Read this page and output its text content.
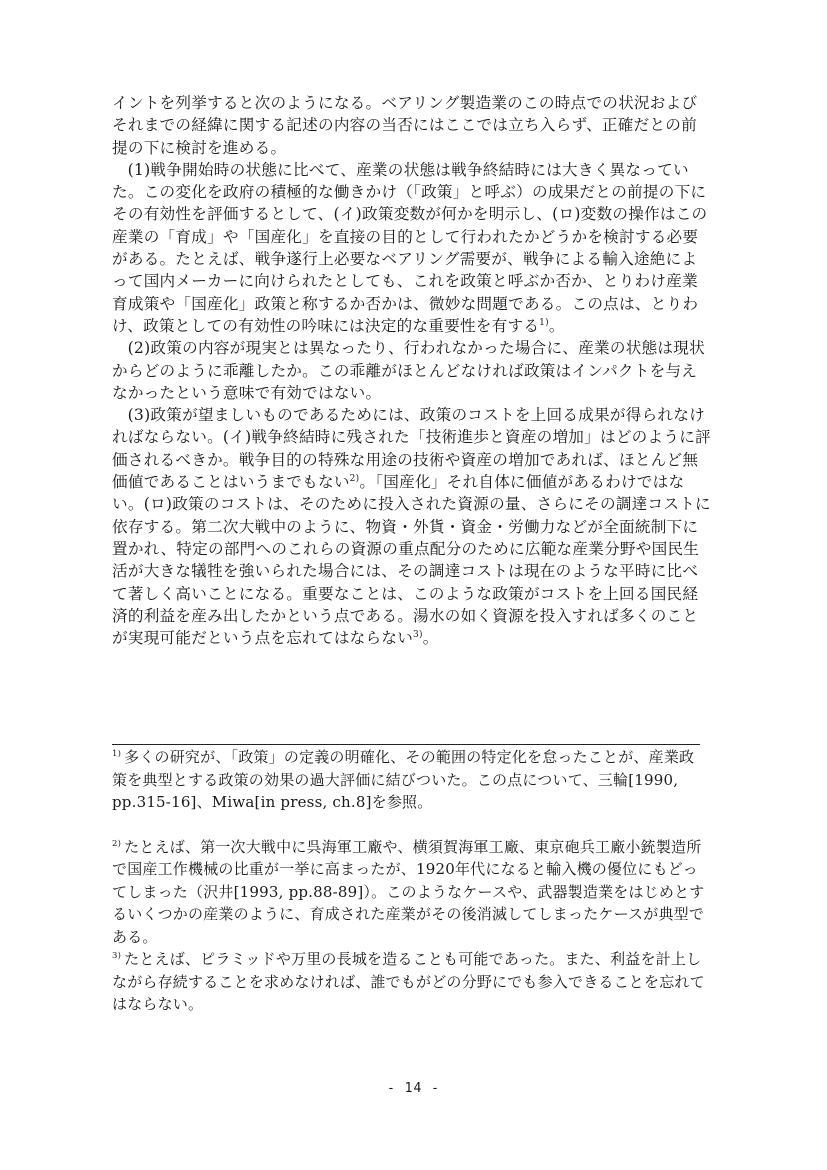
イントを列挙すると次のようになる。ベアリング製造業のこの時点での状況およびそれまでの経緯に関する記述の内容の当否にはここでは立ち入らず、正確だとの前提の下に検討を進める。

(1)戦争開始時の状態に比べて、産業の状態は戦争終結時には大きく異なっていた。この変化を政府の積極的な働きかけ（「政策」と呼ぶ）の成果だとの前提の下にその有効性を評価するとして、(イ)政策変数が何かを明示し、(ロ)変数の操作はこの産業の「育成」や「国産化」を直接の目的として行われたかどうかを検討する必要がある。たとえば、戦争遂行上必要なベアリング需要が、戦争による輸入途絶によって国内メーカーに向けられたとしても、これを政策と呼ぶか否か、とりわけ産業育成策や「国産化」政策と称するか否かは、微妙な問題である。この点は、とりわけ、政策としての有効性の吟味には決定的な重要性を有する$^{1)}$。

(2)政策の内容が現実とは異なったり、行われなかった場合に、産業の状態は現状からどのように乖離したか。この乖離がほとんどなければ政策はインパクトを与えなかったという意味で有効ではない。

(3)政策が望ましいものであるためには、政策のコストを上回る成果が得られなければならない。(イ)戦争終結時に残された「技術進歩と資産の増加」はどのように評価されるべきか。戦争目的の特殊な用途の技術や資産の増加であれば、ほとんど無価値であることはいうまでもない$^{2)}$。「国産化」それ自体に価値があるわけではない。(ロ)政策のコストは、そのために投入された資源の量、さらにその調達コストに依存する。第二次大戦中のように、物資・外貨・資金・労働力などが全面統制下に置かれ、特定の部門へのこれらの資源の重点配分のために広範な産業分野や国民生活が大きな犠牲を強いられた場合には、その調達コストは現在のような平時に比べて著しく高いことになる。重要なことは、このような政策がコストを上回る国民経済的利益を産み出したかという点である。湯水の如く資源を投入すれば多くのことが実現可能だという点を忘れてはならない$^{3)}$。

$^{1)}$ 多くの研究が、「政策」の定義の明確化、その範囲の特定化を怠ったことが、産業政策を典型とする政策の効果の過大評価に結びついた。この点について、三輪[1990, pp.315-16]、Miwa[in press, ch.8]を参照。

$^{2)}$ たとえば、第一次大戦中に呉海軍工廠や、横須賀海軍工廠、東京砲兵工廠小銃製造所で国産工作機械の比重が一挙に高まったが、1920年代になると輸入機の優位にもどってしまった（沢井[1993, pp.88-89]）。このようなケースや、武器製造業をはじめとするいくつかの産業のように、育成された産業がその後消滅してしまったケースが典型である。

$^{3)}$ たとえば、ピラミッドや万里の長城を造ることも可能であった。また、利益を計上しながら存続することを求めなければ、誰でもがどの分野にでも参入できることを忘れてはならない。

- 14 -
